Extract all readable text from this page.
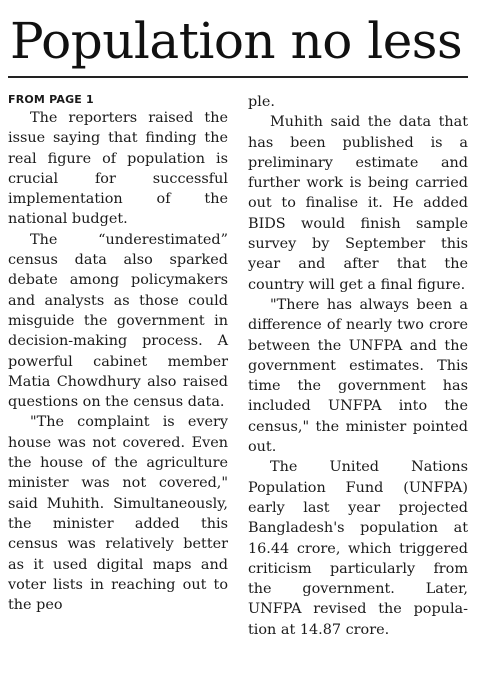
Population no less
FROM PAGE 1

The reporters raised the issue saying that finding the real figure of population is crucial for successful implementation of the national budget.

The “underestimated” census data also sparked debate among policymakers and analysts as those could misguide the government in decision-making process. A powerful cabinet member Matia Chowdhury also raised questions on the census data.

"The complaint is every house was not covered. Even the house of the agriculture minister was not covered," said Muhith. Simultaneously, the minister added this census was relatively better as it used digital maps and voter lists in reaching out to the peo

ple.

Muhith said the data that has been published is a preliminary estimate and further work is being carried out to finalise it. He added BIDS would finish sample survey by September this year and after that the country will get a final figure.

"There has always been a difference of nearly two crore between the UNFPA and the government estimates. This time the government has included UNFPA into the census," the minister pointed out.

The United Nations Population Fund (UNFPA) early last year projected Bangladesh's population at 16.44 crore, which triggered criticism particularly from the government. Later, UNFPA revised the population at 14.87 crore.
